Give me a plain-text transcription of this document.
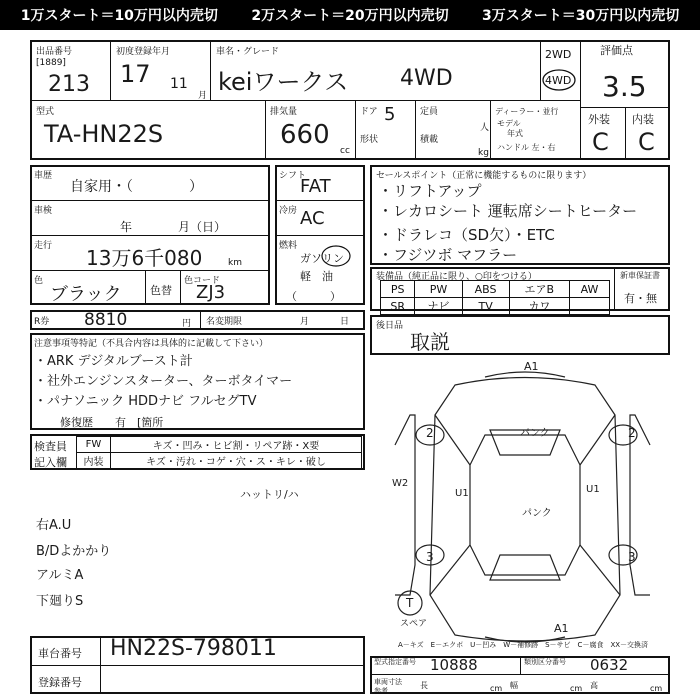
1万スタート＝10万円以内売切 2万スタート＝20万円以内売切 3万スタート＝30万円以内売切
出品番号
[1889]
213
初度登録年月
17 11
月
車名・グレード
keiワークス 4WD
2WD
4WD
評価点
3.5
外装 内装
C C
型式
TA-HN22S
排気量
660
cc
ドア 5
形状
定員
人
積載
kg
ディーラー・並行
モデル
年式
ハンドル 左・右
車歴
自家用・（　　　　）
車検
年	月（日）
走行 13万6千080	km
色
ブラック	色替
色コード
ZJ3
シフト
FAT
冷房 AC
燃料
ガソリン
軽　油
（　　　）
セールスポイント（正常に機能するものに限ります）
・リフトアップ
・レカロシート 運転席シートヒーター
・ドラレコ（SD欠）・ETC
・フジツボ マフラー
装備品（純正品に限り、○印をつける）
PS	PW	ABS	エアB	AW
SR	ナビ	TV	カワ	
新車保証書
有・無
R券 8810	円 名変期限	月	日
注意事項等特記（不具合内容は具体的に記載して下さい）
・ARK デジタルブースト計
・社外エンジンスターター、ターボタイマー
・パナソニック HDDナビ フルセグTV
修復歴　　有　[箇所
検査員
記入欄
FW	キズ・凹み・ヒビ割・リペア跡・X要
内装	キズ・汚れ・コゲ・穴・ス・キレ・破し
ハットリ/ハ
右A.U
B/Dよかかり
アルミA
下廻りS
後日品
取説
A1
パンク
パンク
U1	U1
W2
2	2
3	3
A1
T
スペア
A－キズ　E－エクボ　U－凹み　W－補修跡　S－サビ　C－腐食　XX－交換済
車台番号 HN22S-798011
登録番号
型式指定番号 10888	類別区分番号 0632
車両寸法
参考
長	cm 幅	cm 高	cm
